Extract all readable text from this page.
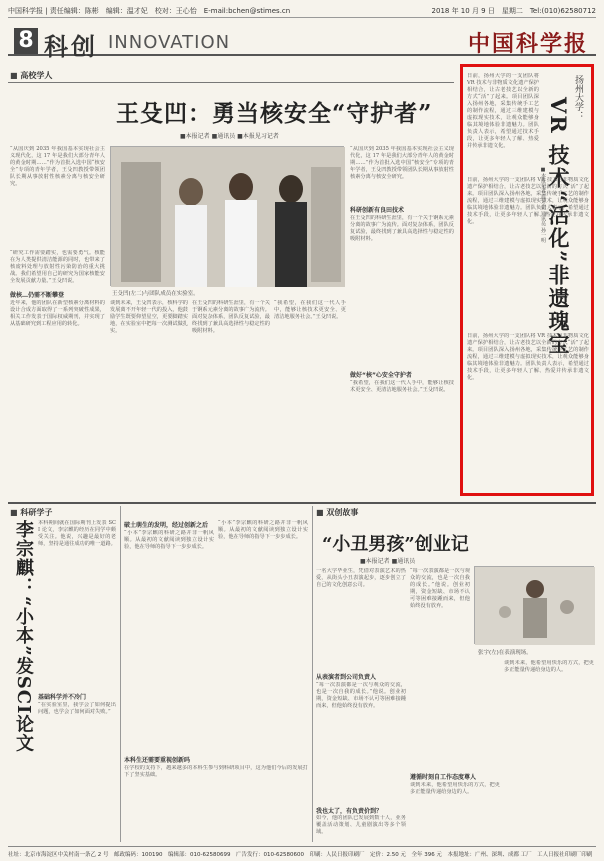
中国科学报 | 责任编辑：陈彬　编辑：温才妃　校对：王心怡　E-mail:bchen@stimes.cn	2018 年 10 月 9 日　星期二　Tel:(010)62580712
8 科创 INNOVATION	中国科学报
■ 高校学人
王殳凹：勇当核安全“守护者”
■本报记者 ■通讯员 ■本报见习记者
“从国庆到 2035 年我国基本实现社会主义现代化，这 17 年是我们大部分青年人的黄金时期……”作为首批入选中国“核安全”专项的青年学者，王殳凹教授带领团队长期从事放射性核素分离与核安全研究。
“研究工作需要踏实，也需要勇气。核能在为人类提供清洁能源的同时，也带来了核废料处理与放射性污染防治的重大挑战。我们希望用自己的研究为国家核能安全发展贡献力量。”王殳凹说。
做核…仍需不断攀登
近年来，他的团队在新型核素分离材料的设计合成方面取得了一系列突破性成果，相关工作发表于国际权威期刊，并实现了从基础研究到工程应用的转化。
王殳凹(左二)与团队成员在实验室。
谈到未来，王殳凹表示，核科学的发展离不开年轻一代的投入，他鼓励学生既要仰望星空，更要脚踏实地，在实验室中把每一次测试做扎实。
在王殳凹的科研生涯里，有一个关于锕系元素分离的故事广为流传。面对复杂体系，团队反复试验，最终找到了兼具高选择性与稳定性的吸附材料。
“我希望，在我们这一代人手中，能够让核技术更安全、更清洁地服务社会。”王殳凹说。
科研创新有良田技术
“从国庆到 2035 年我国基本实现社会主义现代化，这 17 年是我们大部分青年人的黄金时期……”作为首批入选中国“核安全”专项的青年学者，王殳凹教授带领团队长期从事放射性核素分离与核安全研究。
在王殳凹的科研生涯里，有一个关于锕系元素分离的故事广为流传。面对复杂体系，团队反复试验，最终找到了兼具高选择性与稳定性的吸附材料。
做好“核”心安全守护者
“我希望，在我们这一代人手中，能够让核技术更安全、更清洁地服务社会。”王殳凹说。
扬州大学：
VR 技术“活化”非遗瑰宝
■本报记者 温才妃 通讯员 孙一明
日前，扬州大学的一支团队将 VR 技术与非物质文化遗产保护相结合，让古老技艺以全新的方式“活”了起来。项目团队深入扬州各地，采集传统手工艺的制作流程，通过三维建模与虚拟现实技术，让观众能够身临其境地体验非遗魅力。团队负责人表示，希望通过技术手段，让更多年轻人了解、热爱并传承非遗文化。
日前，扬州大学的一支团队将 VR 技术与非物质文化遗产保护相结合，让古老技艺以全新的方式“活”了起来。项目团队深入扬州各地，采集传统手工艺的制作流程，通过三维建模与虚拟现实技术，让观众能够身临其境地体验非遗魅力。团队负责人表示，希望通过技术手段，让更多年轻人了解、热爱并传承非遗文化。
日前，扬州大学的一支团队将 VR 技术与非物质文化遗产保护相结合，让古老技艺以全新的方式“活”了起来。项目团队深入扬州各地，采集传统手工艺的制作流程，通过三维建模与虚拟现实技术，让观众能够身临其境地体验非遗魅力。团队负责人表示，希望通过技术手段，让更多年轻人了解、热爱并传承非遗文化。
■ 科研学子
李宗麒：“小本”发SCI论文 本科期间就在国际期刊上发表 SCI 论文，李宗麒的经历在同学中颇受关注。他说，兴趣是最好的老师，坚持是通往成功的唯一道路。
基础科学并不冷门
“在实验室里，我学会了如何提出问题，也学会了如何面对失败。”
破土萌生的发明，经过创新之后
“小本”李宗麒的科研之路并非一帆风顺。从最初的文献阅读到独立设计实验，他在导师的指导下一步步成长。
“小本”李宗麒的科研之路并非一帆风顺。从最初的文献阅读到独立设计实验，他在导师的指导下一步步成长。
本科生还需要重视创新吗
在学校的支持下，越来越多的本科生参与到科研项目中，这为他们今后的发展打下了坚实基础。
■ 双创故事
“小丑男孩”创业记
■本报记者 ■通讯员
一名大学毕业生，凭借对表演艺术的热爱，从街头小丑表演起步，逐步创立了自己的文化创意公司。
从表演者到公司负责人
“每一次表演都是一次与观众的交流，也是一次自我的成长。”他说。创业初期，资金短缺、市场不认可等困难接踵而来，但他始终没有放弃。
我也太了，有负责价到？
如今，他的团队已发展到数十人，业务覆盖活动策划、儿童剧演出等多个领域。
“每一次表演都是一次与观众的交流，也是一次自我的成长。”他说。创业初期，资金短缺、市场不认可等困难接踵而来，但他始终没有放弃。
遵循时刻自工作态度尊人
谈到未来，他希望用快乐的方式，把更多正能量传递给身边的人。
张宇(左)在表演现场。
谈到未来，他希望用快乐的方式，把更多正能量传递给身边的人。
社址：北京市海淀区中关村南一条乙 2 号　邮政编码：100190　编辑部：010-62580699　广告发行：010-62580600　印刷：人民日报印刷厂　定价：2.50 元　全年 396 元　本报地址：广州、深圳、成都 工厂　工人日报社印刷厂印刷
